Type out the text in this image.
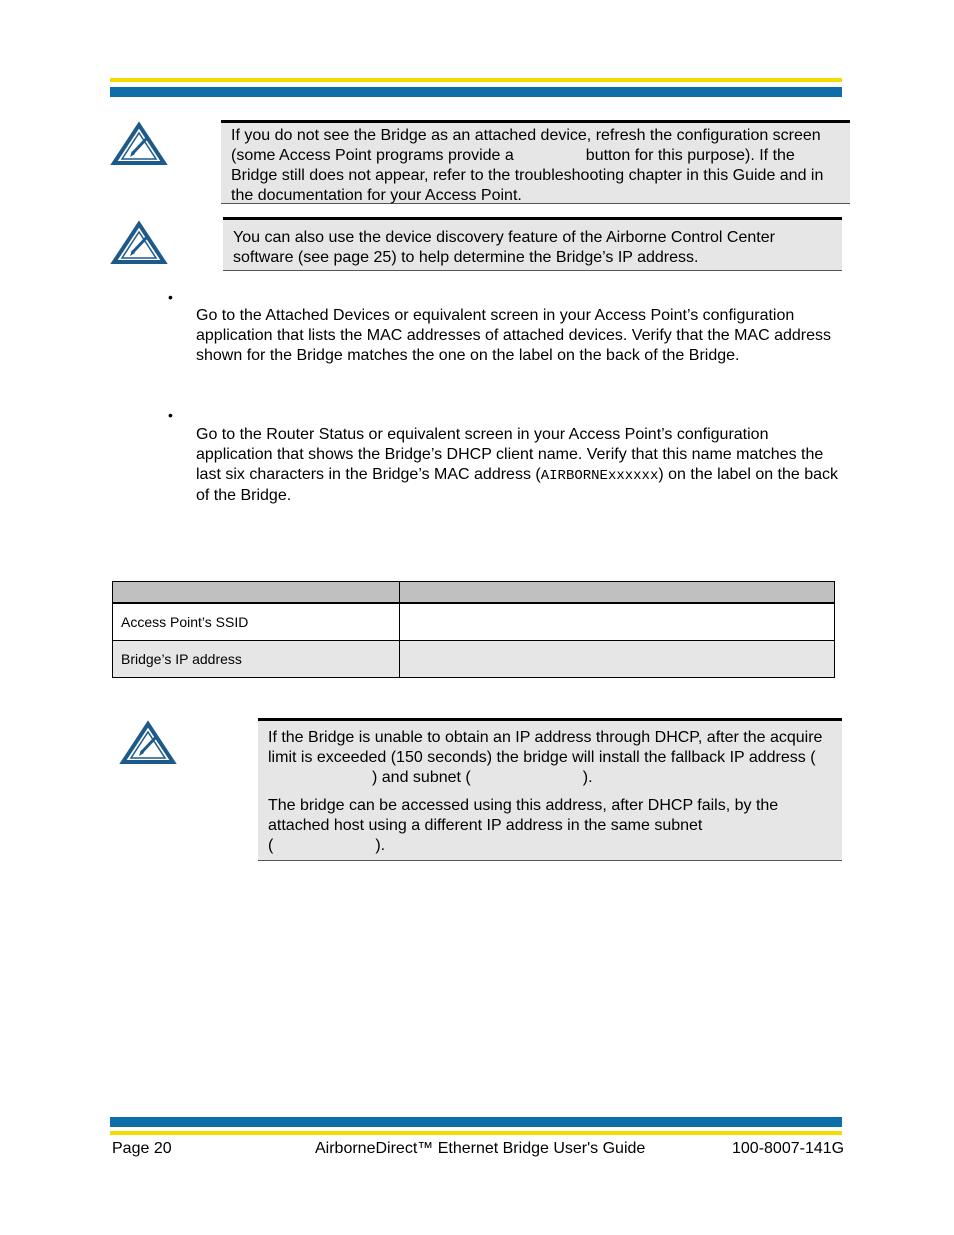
If you do not see the Bridge as an attached device, refresh the configuration screen (some Access Point programs provide a	button for this purpose). If the Bridge still does not appear, refer to the troubleshooting chapter in this Guide and in the documentation for your Access Point.

You can also use the device discovery feature of the Airborne Control Center software (see page 25) to help determine the Bridge’s IP address.

•
Go to the Attached Devices or equivalent screen in your Access Point’s configuration application that lists the MAC addresses of attached devices. Verify that the MAC address shown for the Bridge matches the one on the label on the back of the Bridge.
•
Go to the Router Status or equivalent screen in your Access Point’s configuration application that shows the Bridge’s DHCP client name. Verify that this name matches the last six characters in the Bridge’s MAC address (AIRBORNExxxxxx) on the label on the back of the Bridge.

Access Point’s SSID	
Bridge’s IP address	

If the Bridge is unable to obtain an IP address through DHCP, after the acquire limit is exceeded (150 seconds) the bridge will install the fallback IP address () and subnet (	).

The bridge can be accessed using this address, after DHCP fails, by the attached host using a different IP address in the same subnet
(	).

Page 20	AirborneDirect™ Ethernet Bridge User's Guide	100-8007-141G
